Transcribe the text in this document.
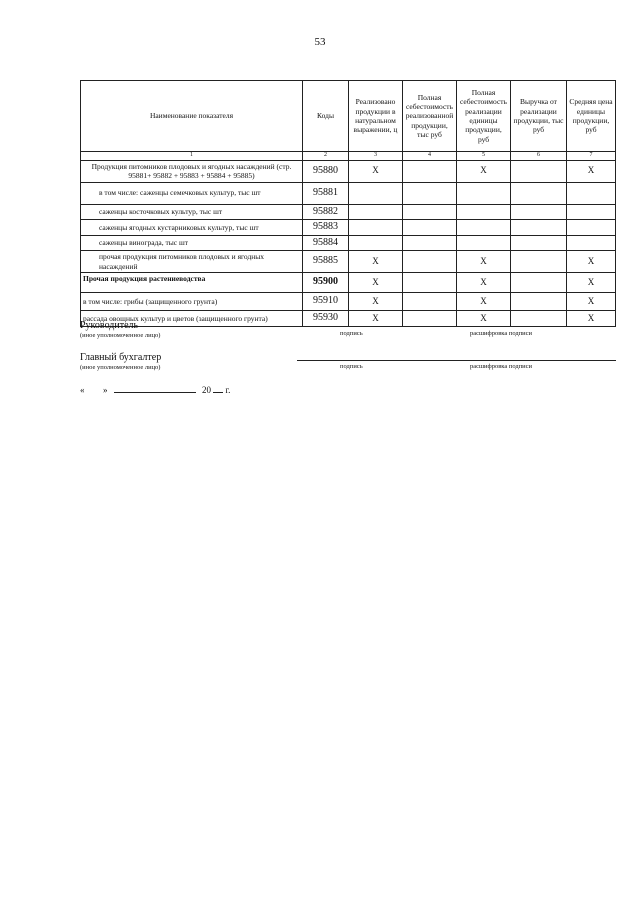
53
Наименование показателя	Коды	Реализовано продукции в натуральном выражении, ц	Полная себестоимость реализованной продукции, тыс руб	Полная себестоимость реализации единицы продукции, руб	Выручка от реализации продукции, тыс руб	Средняя цена единицы продукции, руб
1	2	3	4	5	6	7
Продукция питомников плодовых и ягодных насаждений (стр. 95881+ 95882 + 95883 + 95884 + 95885)	95880	Х		Х		Х
в том числе: саженцы семечковых культур, тыс шт	95881					
саженцы косточковых культур, тыс шт	95882					
саженцы ягодных кустарниковых культур, тыс шт	95883					
саженцы винограда, тыс шт	95884					
прочая продукция питомников плодовых и ягодных насаждений	95885	Х		Х		Х
Прочая продукция растениеводства	95900	Х		Х		Х
в том числе: грибы (защищенного грунта)	95910	Х		Х		Х
рассада овощных культур и цветов (защищенного грунта)	95930	Х		Х		Х
Руководитель
(иное уполномоченное лицо)	подпись	расшифровка подписи
Главный бухгалтер
(иное уполномоченное лицо)	подпись	расшифровка подписи
« »	20 г.
